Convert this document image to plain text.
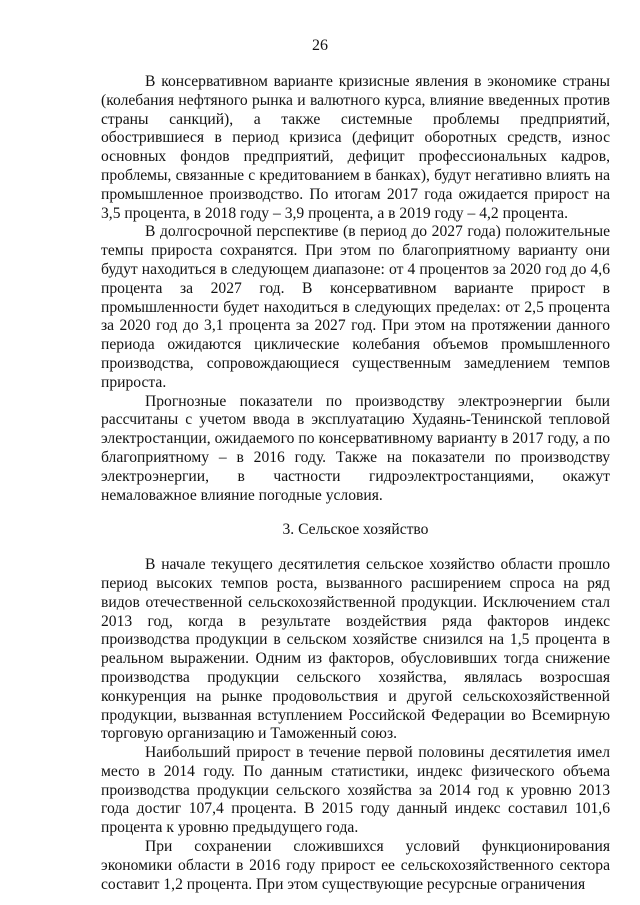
26

В консервативном варианте кризисные явления в экономике страны (колебания нефтяного рынка и валютного курса, влияние введенных против страны санкций), а также системные проблемы предприятий, обострившиеся в период кризиса (дефицит оборотных средств, износ основных фондов предприятий, дефицит профессиональных кадров, проблемы, связанные с кредитованием в банках), будут негативно влиять на промышленное производство. По итогам 2017 года ожидается прирост на 3,5 процента, в 2018 году – 3,9 процента, а в 2019 году – 4,2 процента.

В долгосрочной перспективе (в период до 2027 года) положительные темпы прироста сохранятся. При этом по благоприятному варианту они будут находиться в следующем диапазоне: от 4 процентов за 2020 год до 4,6 процента за 2027 год. В консервативном варианте прирост в промышленности будет находиться в следующих пределах: от 2,5 процента за 2020 год до 3,1 процента за 2027 год. При этом на протяжении данного периода ожидаются циклические колебания объемов промышленного производства, сопровождающиеся существенным замедлением темпов прироста.

Прогнозные показатели по производству электроэнергии были рассчитаны с учетом ввода в эксплуатацию Худаянь-Тенинской тепловой электростанции, ожидаемого по консервативному варианту в 2017 году, а по благоприятному – в 2016 году. Также на показатели по производству электроэнергии, в частности гидроэлектростанциями, окажут немаловажное влияние погодные условия.

3. Сельское хозяйство

В начале текущего десятилетия сельское хозяйство области прошло период высоких темпов роста, вызванного расширением спроса на ряд видов отечественной сельскохозяйственной продукции. Исключением стал 2013 год, когда в результате воздействия ряда факторов индекс производства продукции в сельском хозяйстве снизился на 1,5 процента в реальном выражении. Одним из факторов, обусловивших тогда снижение производства продукции сельского хозяйства, являлась возросшая конкуренция на рынке продовольствия и другой сельскохозяйственной продукции, вызванная вступлением Российской Федерации во Всемирную торговую организацию и Таможенный союз.

Наибольший прирост в течение первой половины десятилетия имел место в 2014 году. По данным статистики, индекс физического объема производства продукции сельского хозяйства за 2014 год к уровню 2013 года достиг 107,4 процента. В 2015 году данный индекс составил 101,6 процента к уровню предыдущего года.

При сохранении сложившихся условий функционирования экономики области в 2016 году прирост ее сельскохозяйственного сектора составит 1,2 процента. При этом существующие ресурсные ограничения
